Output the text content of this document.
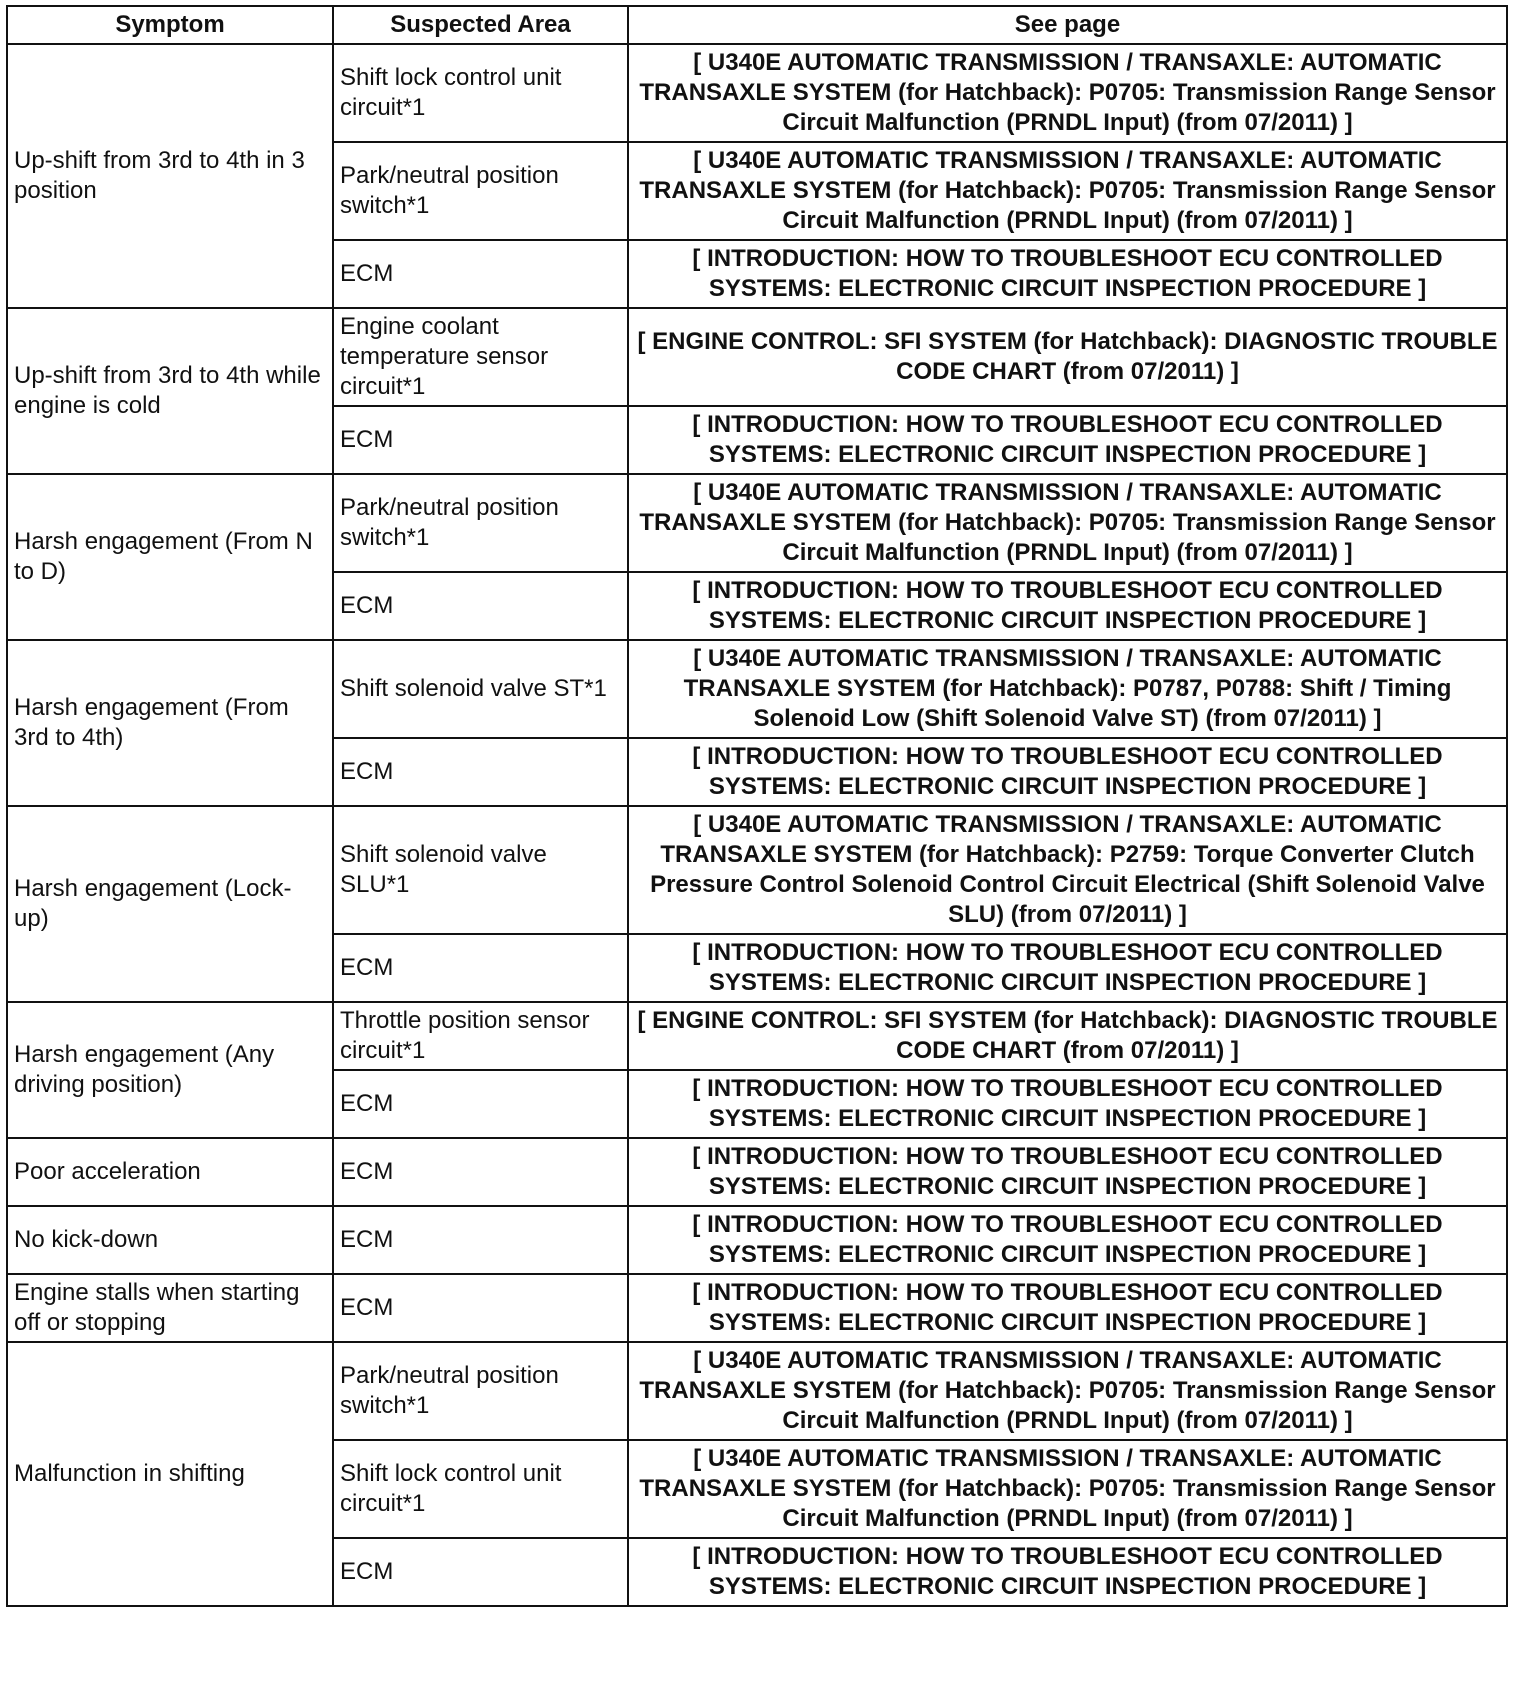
Symptom	Suspected Area	See page
Up-shift from 3rd to 4th in 3 position	Shift lock control unit circuit*1	[ U340E AUTOMATIC TRANSMISSION / TRANSAXLE: AUTOMATIC TRANSAXLE SYSTEM (for Hatchback): P0705: Transmission Range Sensor Circuit Malfunction (PRNDL Input) (from 07/2011) ]
	Park/neutral position switch*1	[ U340E AUTOMATIC TRANSMISSION / TRANSAXLE: AUTOMATIC TRANSAXLE SYSTEM (for Hatchback): P0705: Transmission Range Sensor Circuit Malfunction (PRNDL Input) (from 07/2011) ]
	ECM	[ INTRODUCTION: HOW TO TROUBLESHOOT ECU CONTROLLED SYSTEMS: ELECTRONIC CIRCUIT INSPECTION PROCEDURE ]
Up-shift from 3rd to 4th while engine is cold	Engine coolant temperature sensor circuit*1	[ ENGINE CONTROL: SFI SYSTEM (for Hatchback): DIAGNOSTIC TROUBLE CODE CHART (from 07/2011) ]
	ECM	[ INTRODUCTION: HOW TO TROUBLESHOOT ECU CONTROLLED SYSTEMS: ELECTRONIC CIRCUIT INSPECTION PROCEDURE ]
Harsh engagement (From N to D)	Park/neutral position switch*1	[ U340E AUTOMATIC TRANSMISSION / TRANSAXLE: AUTOMATIC TRANSAXLE SYSTEM (for Hatchback): P0705: Transmission Range Sensor Circuit Malfunction (PRNDL Input) (from 07/2011) ]
	ECM	[ INTRODUCTION: HOW TO TROUBLESHOOT ECU CONTROLLED SYSTEMS: ELECTRONIC CIRCUIT INSPECTION PROCEDURE ]
Harsh engagement (From 3rd to 4th)	Shift solenoid valve ST*1	[ U340E AUTOMATIC TRANSMISSION / TRANSAXLE: AUTOMATIC TRANSAXLE SYSTEM (for Hatchback): P0787, P0788: Shift / Timing Solenoid Low (Shift Solenoid Valve ST) (from 07/2011) ]
	ECM	[ INTRODUCTION: HOW TO TROUBLESHOOT ECU CONTROLLED SYSTEMS: ELECTRONIC CIRCUIT INSPECTION PROCEDURE ]
Harsh engagement (Lock-up)	Shift solenoid valve SLU*1	[ U340E AUTOMATIC TRANSMISSION / TRANSAXLE: AUTOMATIC TRANSAXLE SYSTEM (for Hatchback): P2759: Torque Converter Clutch Pressure Control Solenoid Control Circuit Electrical (Shift Solenoid Valve SLU) (from 07/2011) ]
	ECM	[ INTRODUCTION: HOW TO TROUBLESHOOT ECU CONTROLLED SYSTEMS: ELECTRONIC CIRCUIT INSPECTION PROCEDURE ]
Harsh engagement (Any driving position)	Throttle position sensor circuit*1	[ ENGINE CONTROL: SFI SYSTEM (for Hatchback): DIAGNOSTIC TROUBLE CODE CHART (from 07/2011) ]
	ECM	[ INTRODUCTION: HOW TO TROUBLESHOOT ECU CONTROLLED SYSTEMS: ELECTRONIC CIRCUIT INSPECTION PROCEDURE ]
Poor acceleration	ECM	[ INTRODUCTION: HOW TO TROUBLESHOOT ECU CONTROLLED SYSTEMS: ELECTRONIC CIRCUIT INSPECTION PROCEDURE ]
No kick-down	ECM	[ INTRODUCTION: HOW TO TROUBLESHOOT ECU CONTROLLED SYSTEMS: ELECTRONIC CIRCUIT INSPECTION PROCEDURE ]
Engine stalls when starting off or stopping	ECM	[ INTRODUCTION: HOW TO TROUBLESHOOT ECU CONTROLLED SYSTEMS: ELECTRONIC CIRCUIT INSPECTION PROCEDURE ]
Malfunction in shifting	Park/neutral position switch*1	[ U340E AUTOMATIC TRANSMISSION / TRANSAXLE: AUTOMATIC TRANSAXLE SYSTEM (for Hatchback): P0705: Transmission Range Sensor Circuit Malfunction (PRNDL Input) (from 07/2011) ]
	Shift lock control unit circuit*1	[ U340E AUTOMATIC TRANSMISSION / TRANSAXLE: AUTOMATIC TRANSAXLE SYSTEM (for Hatchback): P0705: Transmission Range Sensor Circuit Malfunction (PRNDL Input) (from 07/2011) ]
	ECM	[ INTRODUCTION: HOW TO TROUBLESHOOT ECU CONTROLLED SYSTEMS: ELECTRONIC CIRCUIT INSPECTION PROCEDURE ]
